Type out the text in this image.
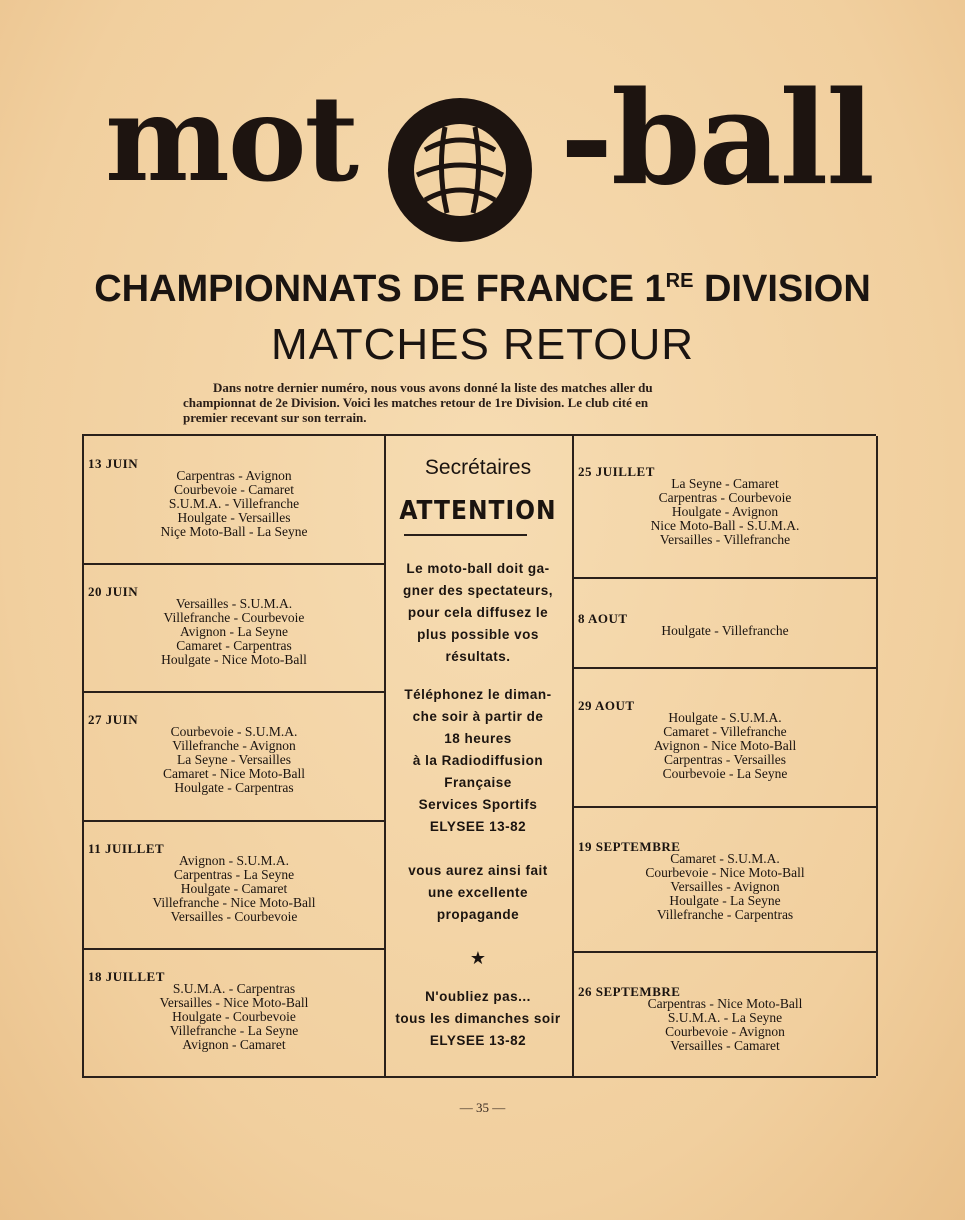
mot -ball
CHAMPIONNATS DE FRANCE 1RE DIVISION
MATCHES RETOUR
Dans notre dernier numéro, nous vous avons donné la liste des matches aller du
championnat de 2e Division. Voici les matches retour de 1re Division. Le club cité en
premier recevant sur son terrain.
13 JUIN
Carpentras - Avignon
Courbevoie - Camaret
S.U.M.A. - Villefranche
Houlgate - Versailles
Niçe Moto-Ball - La Seyne
20 JUIN
Versailles - S.U.M.A.
Villefranche - Courbevoie
Avignon - La Seyne
Camaret - Carpentras
Houlgate - Nice Moto-Ball
27 JUIN
Courbevoie - S.U.M.A.
Villefranche - Avignon
La Seyne - Versailles
Camaret - Nice Moto-Ball
Houlgate - Carpentras
11 JUILLET
Avignon - S.U.M.A.
Carpentras - La Seyne
Houlgate - Camaret
Villefranche - Nice Moto-Ball
Versailles - Courbevoie
18 JUILLET
S.U.M.A. - Carpentras
Versailles - Nice Moto-Ball
Houlgate - Courbevoie
Villefranche - La Seyne
Avignon - Camaret
Secrétaires
ATTENTION
Le moto-ball doit ga-
gner des spectateurs,
pour cela diffusez le
plus possible vos
résultats.
Téléphonez le diman-
che soir à partir de
18 heures
à la Radiodiffusion
Française
Services Sportifs
ELYSEE 13-82
vous aurez ainsi fait
une excellente
propagande
★
N'oubliez pas...
tous les dimanches soir
ELYSEE 13-82
25 JUILLET
La Seyne - Camaret
Carpentras - Courbevoie
Houlgate - Avignon
Nice Moto-Ball - S.U.M.A.
Versailles - Villefranche
8 AOUT
Houlgate - Villefranche
29 AOUT
Houlgate - S.U.M.A.
Camaret - Villefranche
Avignon - Nice Moto-Ball
Carpentras - Versailles
Courbevoie - La Seyne
19 SEPTEMBRE
Camaret - S.U.M.A.
Courbevoie - Nice Moto-Ball
Versailles - Avignon
Houlgate - La Seyne
Villefranche - Carpentras
26 SEPTEMBRE
Carpentras - Nice Moto-Ball
S.U.M.A. - La Seyne
Courbevoie - Avignon
Versailles - Camaret
— 35 —
